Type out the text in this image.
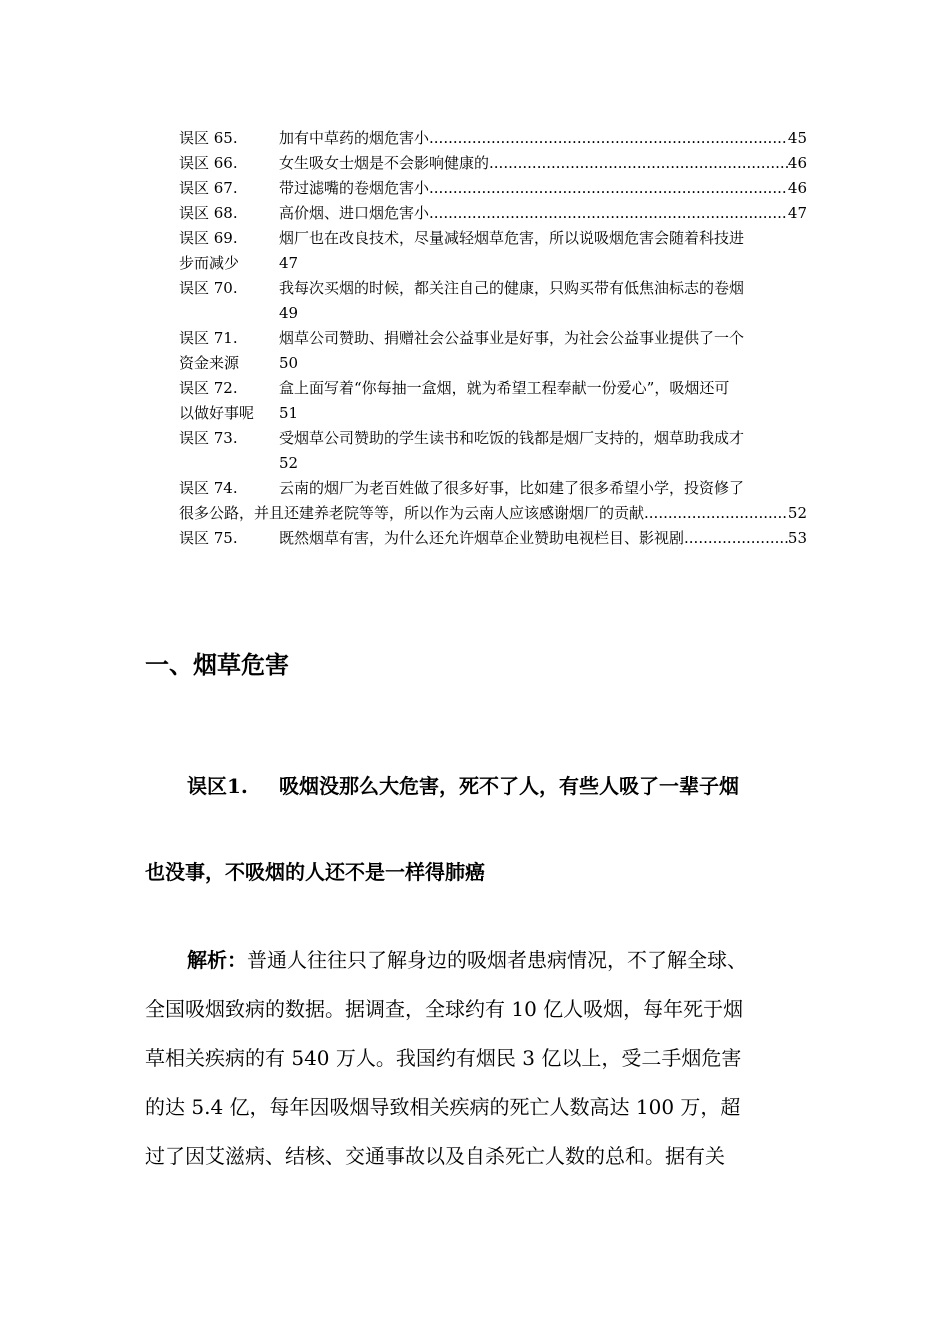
误区 65.	加有中草药的烟危害小 .....	45
误区 66.	女生吸女士烟是不会影响健康的 .....	46
误区 67.	带过滤嘴的卷烟危害小 .....	46
误区 68.	高价烟、进口烟危害小 .....	47
误区 69.	烟厂也在改良技术，尽量减轻烟草危害，所以说吸烟危害会随着科技进
步而减少	47
误区 70.	我每次买烟的时候，都关注自己的健康，只购买带有低焦油标志的卷烟
49
误区 71.	烟草公司赞助、捐赠社会公益事业是好事，为社会公益事业提供了一个
资金来源	50
误区 72.	盒上面写着“你每抽一盒烟，就为希望工程奉献一份爱心”，吸烟还可
以做好事呢 51
误区 73.	受烟草公司赞助的学生读书和吃饭的钱都是烟厂支持的，烟草助我成才
52
误区 74.	云南的烟厂为老百姓做了很多好事，比如建了很多希望小学，投资修了
很多公路，并且还建养老院等等，所以作为云南人应该感谢烟厂的贡献 .....	52
误区 75.	既然烟草有害，为什么还允许烟草企业赞助电视栏目、影视剧 .....	53
一、烟草危害
误区1. 吸烟没那么大危害，死不了人，有些人吸了一辈子烟
也没事，不吸烟的人还不是一样得肺癌
解析：普通人往往只了解身边的吸烟者患病情况，不了解全球、
全国吸烟致病的数据。据调查，全球约有 10 亿人吸烟，每年死于烟
草相关疾病的有 540 万人。我国约有烟民 3 亿以上，受二手烟危害
的达 5.4 亿，每年因吸烟导致相关疾病的死亡人数高达 100 万，超
过了因艾滋病、结核、交通事故以及自杀死亡人数的总和。据有关
